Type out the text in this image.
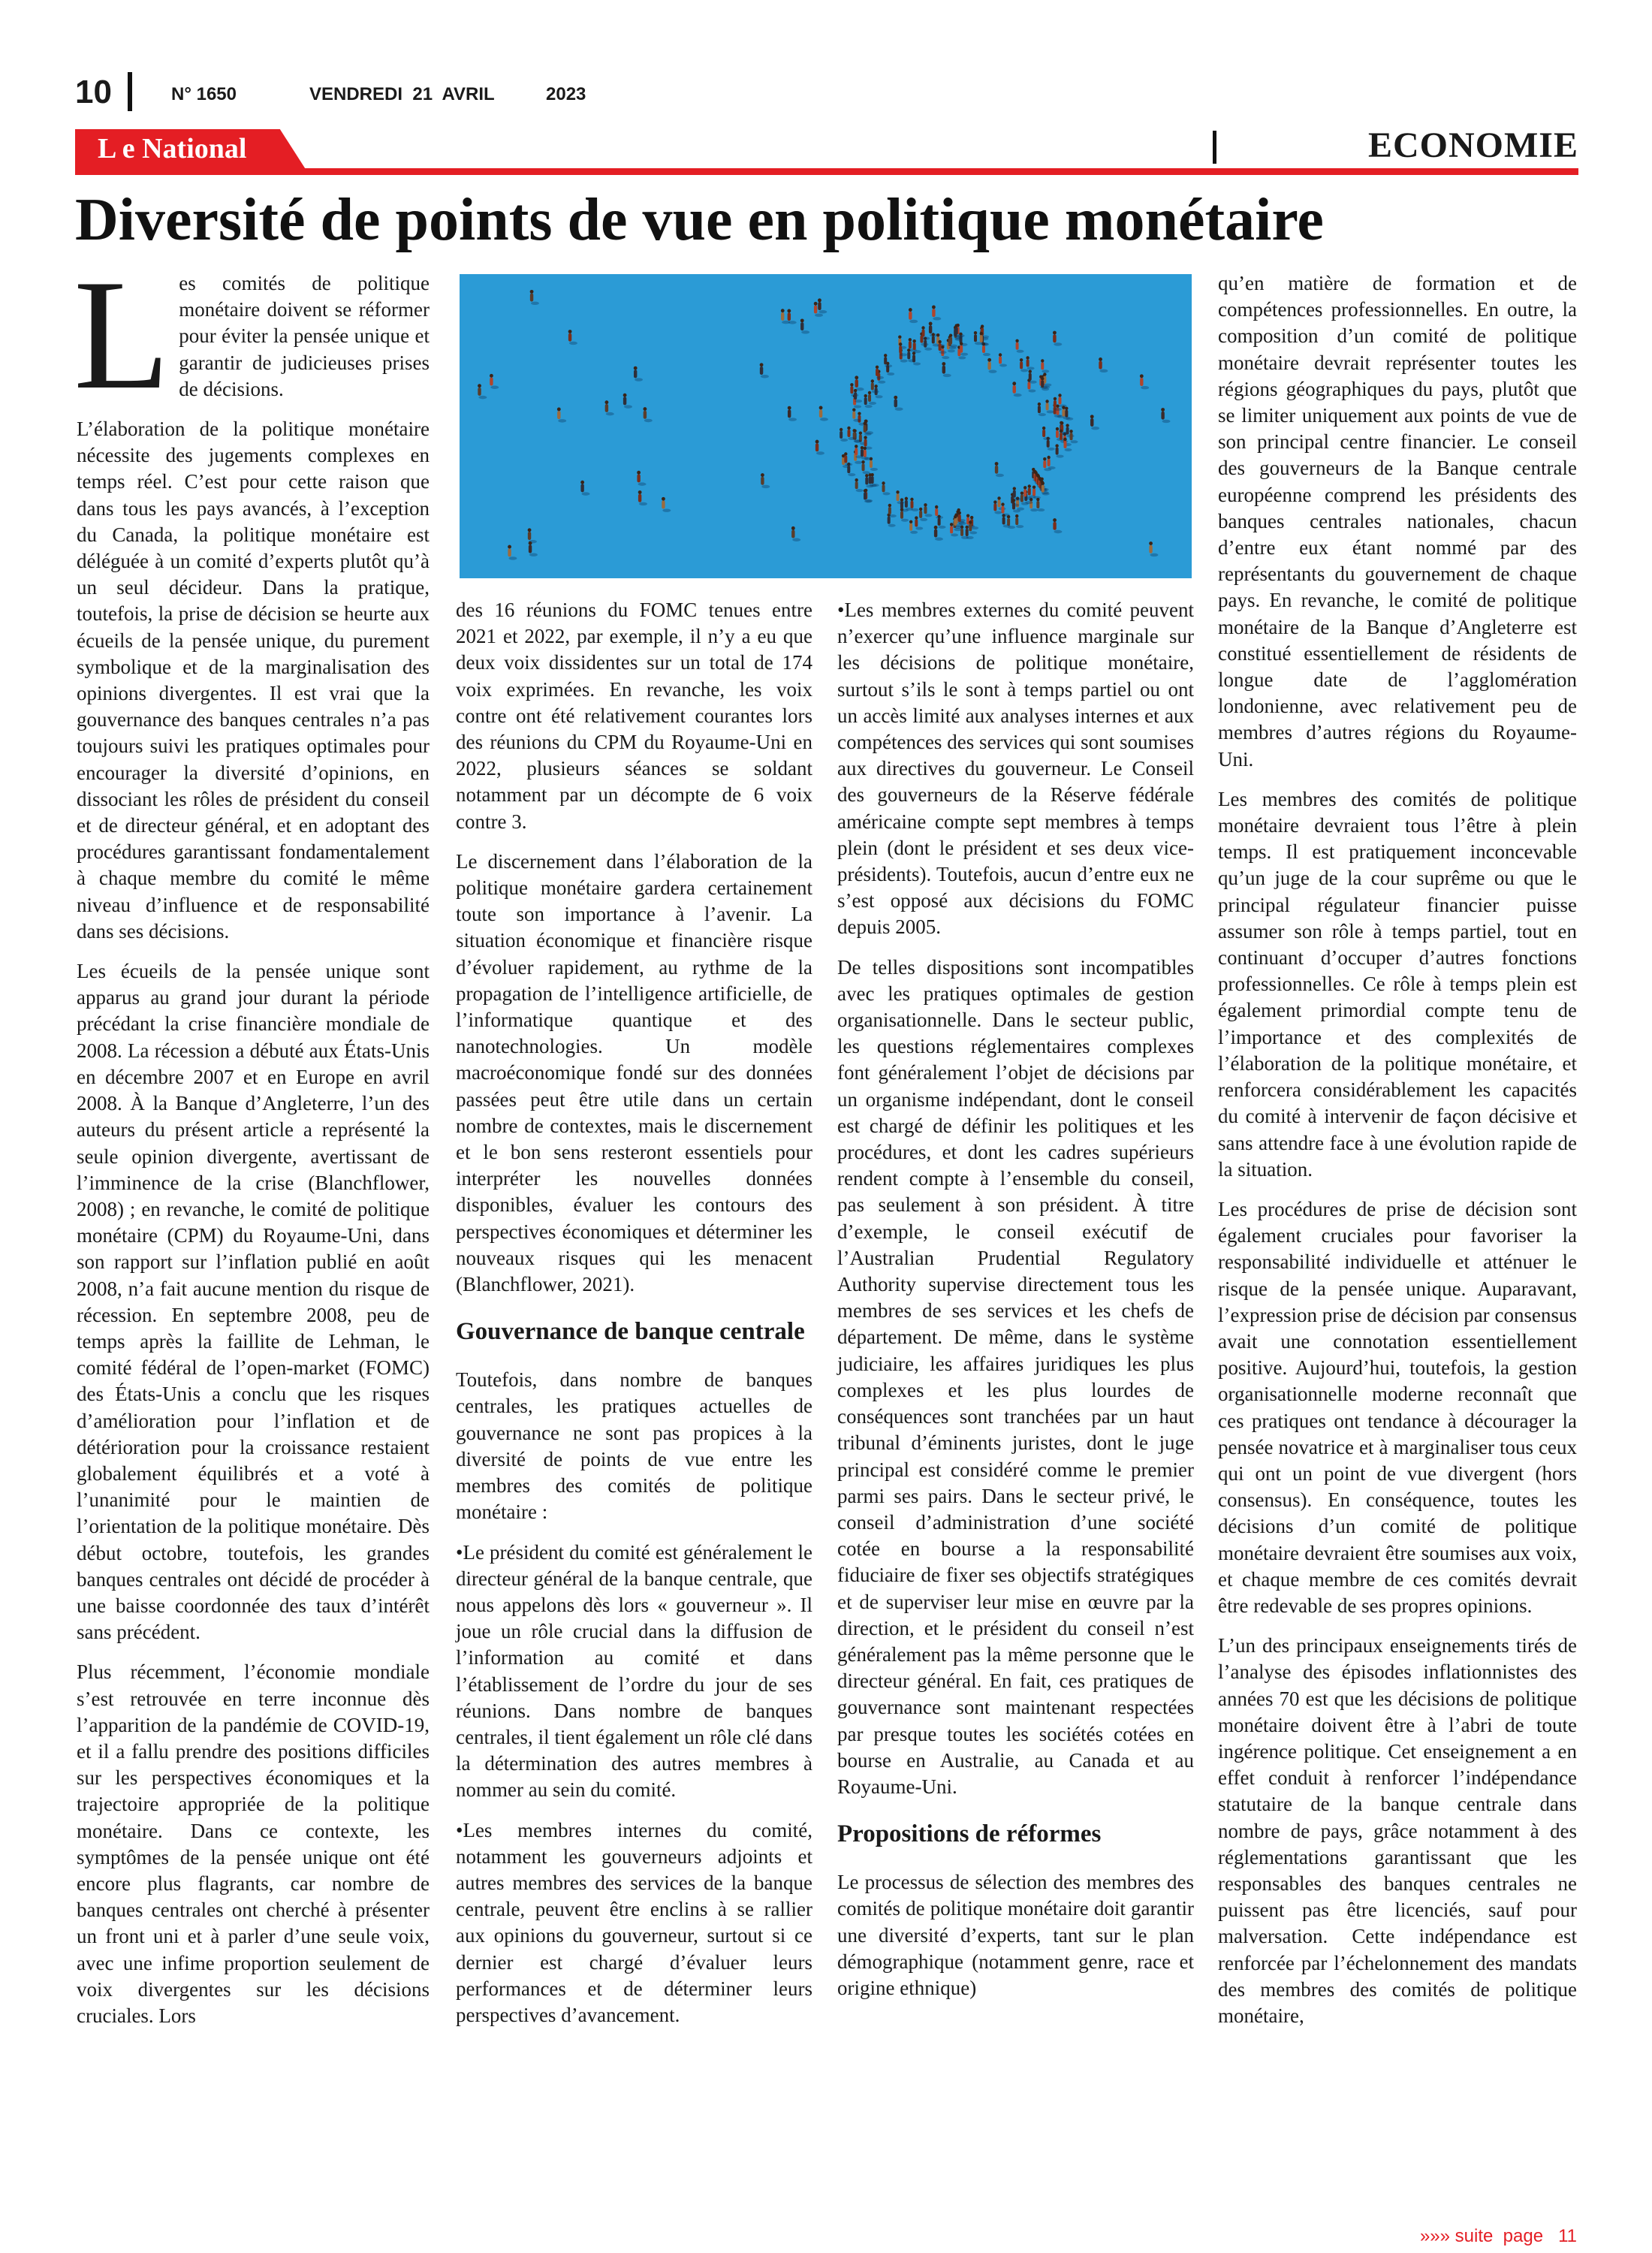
10	N° 1650	VENDREDI  21  AVRIL	2023
L e National	ECONOMIE
Diversité de points de vue en politique monétaire

Les comités de politique monétaire doivent se réformer pour éviter la pensée unique et garantir de judicieuses prises de décisions.

L’élaboration de la politique monétaire nécessite des jugements complexes en temps réel. C’est pour cette raison que dans tous les pays avancés, à l’exception du Canada, la politique monétaire est déléguée à un comité d’experts plutôt qu’à un seul décideur. Dans la pratique, toutefois, la prise de décision se heurte aux écueils de la pensée unique, du purement symbolique et de la marginalisation des opinions divergentes. Il est vrai que la gouvernance des banques centrales n’a pas toujours suivi les pratiques optimales pour encourager la diversité d’opinions, en dissociant les rôles de président du conseil et de directeur général, et en adoptant des procédures garantissant fondamentalement à chaque membre du comité le même niveau d’influence et de responsabilité dans ses décisions.

Les écueils de la pensée unique sont apparus au grand jour durant la période précédant la crise financière mondiale de 2008. La récession a débuté aux États-Unis en décembre 2007 et en Europe en avril 2008. À la Banque d’Angleterre, l’un des auteurs du présent article a représenté la seule opinion divergente, avertissant de l’imminence de la crise (Blanchflower, 2008) ; en revanche, le comité de politique monétaire (CPM) du Royaume-Uni, dans son rapport sur l’inflation publié en août 2008, n’a fait aucune mention du risque de récession. En septembre 2008, peu de temps après la faillite de Lehman, le comité fédéral de l’open-market (FOMC) des États-Unis a conclu que les risques d’amélioration pour l’inflation et de détérioration pour la croissance restaient globalement équilibrés et a voté à l’unanimité pour le maintien de l’orientation de la politique monétaire. Dès début octobre, toutefois, les grandes banques centrales ont décidé de procéder à une baisse coordonnée des taux d’intérêt sans précédent.

Plus récemment, l’économie mondiale s’est retrouvée en terre inconnue dès l’apparition de la pandémie de COVID-19, et il a fallu prendre des positions difficiles sur les perspectives économiques et la trajectoire appropriée de la politique monétaire. Dans ce contexte, les symptômes de la pensée unique ont été encore plus flagrants, car nombre de banques centrales ont cherché à présenter un front uni et à parler d’une seule voix, avec une infime proportion seulement de voix divergentes sur les décisions cruciales. Lors

des 16 réunions du FOMC tenues entre 2021 et 2022, par exemple, il n’y a eu que deux voix dissidentes sur un total de 174 voix exprimées. En revanche, les voix contre ont été relativement courantes lors des réunions du CPM du Royaume-Uni en 2022, plusieurs séances se soldant notamment par un décompte de 6 voix contre 3.

Le discernement dans l’élaboration de la politique monétaire gardera certainement toute son importance à l’avenir. La situation économique et financière risque d’évoluer rapidement, au rythme de la propagation de l’intelligence artificielle, de l’informatique quantique et des nanotechnologies. Un modèle macroéconomique fondé sur des données passées peut être utile dans un certain nombre de contextes, mais le discernement et le bon sens resteront essentiels pour interpréter les nouvelles données disponibles, évaluer les contours des perspectives économiques et déterminer les nouveaux risques qui les menacent (Blanchflower, 2021).

Gouvernance de banque centrale

Toutefois, dans nombre de banques centrales, les pratiques actuelles de gouvernance ne sont pas propices à la diversité de points de vue entre les membres des comités de politique monétaire :

•Le président du comité est généralement le directeur général de la banque centrale, que nous appelons dès lors « gouverneur ». Il joue un rôle crucial dans la diffusion de l’information au comité et dans l’établissement de l’ordre du jour de ses réunions. Dans nombre de banques centrales, il tient également un rôle clé dans la détermination des autres membres à nommer au sein du comité.

•Les membres internes du comité, notamment les gouverneurs adjoints et autres membres des services de la banque centrale, peuvent être enclins à se rallier aux opinions du gouverneur, surtout si ce dernier est chargé d’évaluer leurs performances et de déterminer leurs perspectives d’avancement.

•Les membres externes du comité peuvent n’exercer qu’une influence marginale sur les décisions de politique monétaire, surtout s’ils le sont à temps partiel ou ont un accès limité aux analyses internes et aux compétences des services qui sont soumises aux directives du gouverneur. Le Conseil des gouverneurs de la Réserve fédérale américaine compte sept membres à temps plein (dont le président et ses deux vice-présidents). Toutefois, aucun d’entre eux ne s’est opposé aux décisions du FOMC depuis 2005.

De telles dispositions sont incompatibles avec les pratiques optimales de gestion organisationnelle. Dans le secteur public, les questions réglementaires complexes font généralement l’objet de décisions par un organisme indépendant, dont le conseil est chargé de définir les politiques et les procédures, et dont les cadres supérieurs rendent compte à l’ensemble du conseil, pas seulement à son président. À titre d’exemple, le conseil exécutif de l’Australian Prudential Regulatory Authority supervise directement tous les membres de ses services et les chefs de département. De même, dans le système judiciaire, les affaires juridiques les plus complexes et les plus lourdes de conséquences sont tranchées par un haut tribunal d’éminents juristes, dont le juge principal est considéré comme le premier parmi ses pairs. Dans le secteur privé, le conseil d’administration d’une société cotée en bourse a la responsabilité fiduciaire de fixer ses objectifs stratégiques et de superviser leur mise en œuvre par la direction, et le président du conseil n’est généralement pas la même personne que le directeur général. En fait, ces pratiques de gouvernance sont maintenant respectées par presque toutes les sociétés cotées en bourse en Australie, au Canada et au Royaume-Uni.

Propositions de réformes

Le processus de sélection des membres des comités de politique monétaire doit garantir une diversité d’experts, tant sur le plan démographique (notamment genre, race et origine ethnique)

qu’en matière de formation et de compétences professionnelles. En outre, la composition d’un comité de politique monétaire devrait représenter toutes les régions géographiques du pays, plutôt que se limiter uniquement aux points de vue de son principal centre financier. Le conseil des gouverneurs de la Banque centrale européenne comprend les présidents des banques centrales nationales, chacun d’entre eux étant nommé par des représentants du gouvernement de chaque pays. En revanche, le comité de politique monétaire de la Banque d’Angleterre est constitué essentiellement de résidents de longue date de l’agglomération londonienne, avec relativement peu de membres d’autres régions du Royaume-Uni.

Les membres des comités de politique monétaire devraient tous l’être à plein temps. Il est pratiquement inconcevable qu’un juge de la cour suprême ou que le principal régulateur financier puisse assumer son rôle à temps partiel, tout en continuant d’occuper d’autres fonctions professionnelles. Ce rôle à temps plein est également primordial compte tenu de l’importance et des complexités de l’élaboration de la politique monétaire, et renforcera considérablement les capacités du comité à intervenir de façon décisive et sans attendre face à une évolution rapide de la situation.

Les procédures de prise de décision sont également cruciales pour favoriser la responsabilité individuelle et atténuer le risque de la pensée unique. Auparavant, l’expression prise de décision par consensus avait une connotation essentiellement positive. Aujourd’hui, toutefois, la gestion organisationnelle moderne reconnaît que ces pratiques ont tendance à décourager la pensée novatrice et à marginaliser tous ceux qui ont un point de vue divergent (hors consensus). En conséquence, toutes les décisions d’un comité de politique monétaire devraient être soumises aux voix, et chaque membre de ces comités devrait être redevable de ses propres opinions.

L’un des principaux enseignements tirés de l’analyse des épisodes inflationnistes des années 70 est que les décisions de politique monétaire doivent être à l’abri de toute ingérence politique. Cet enseignement a en effet conduit à renforcer l’indépendance statutaire de la banque centrale dans nombre de pays, grâce notamment à des réglementations garantissant que les responsables des banques centrales ne puissent pas être licenciés, sauf pour malversation. Cette indépendance est renforcée par l’échelonnement des mandats des membres des comités de politique monétaire,

»»» suite  page   11
